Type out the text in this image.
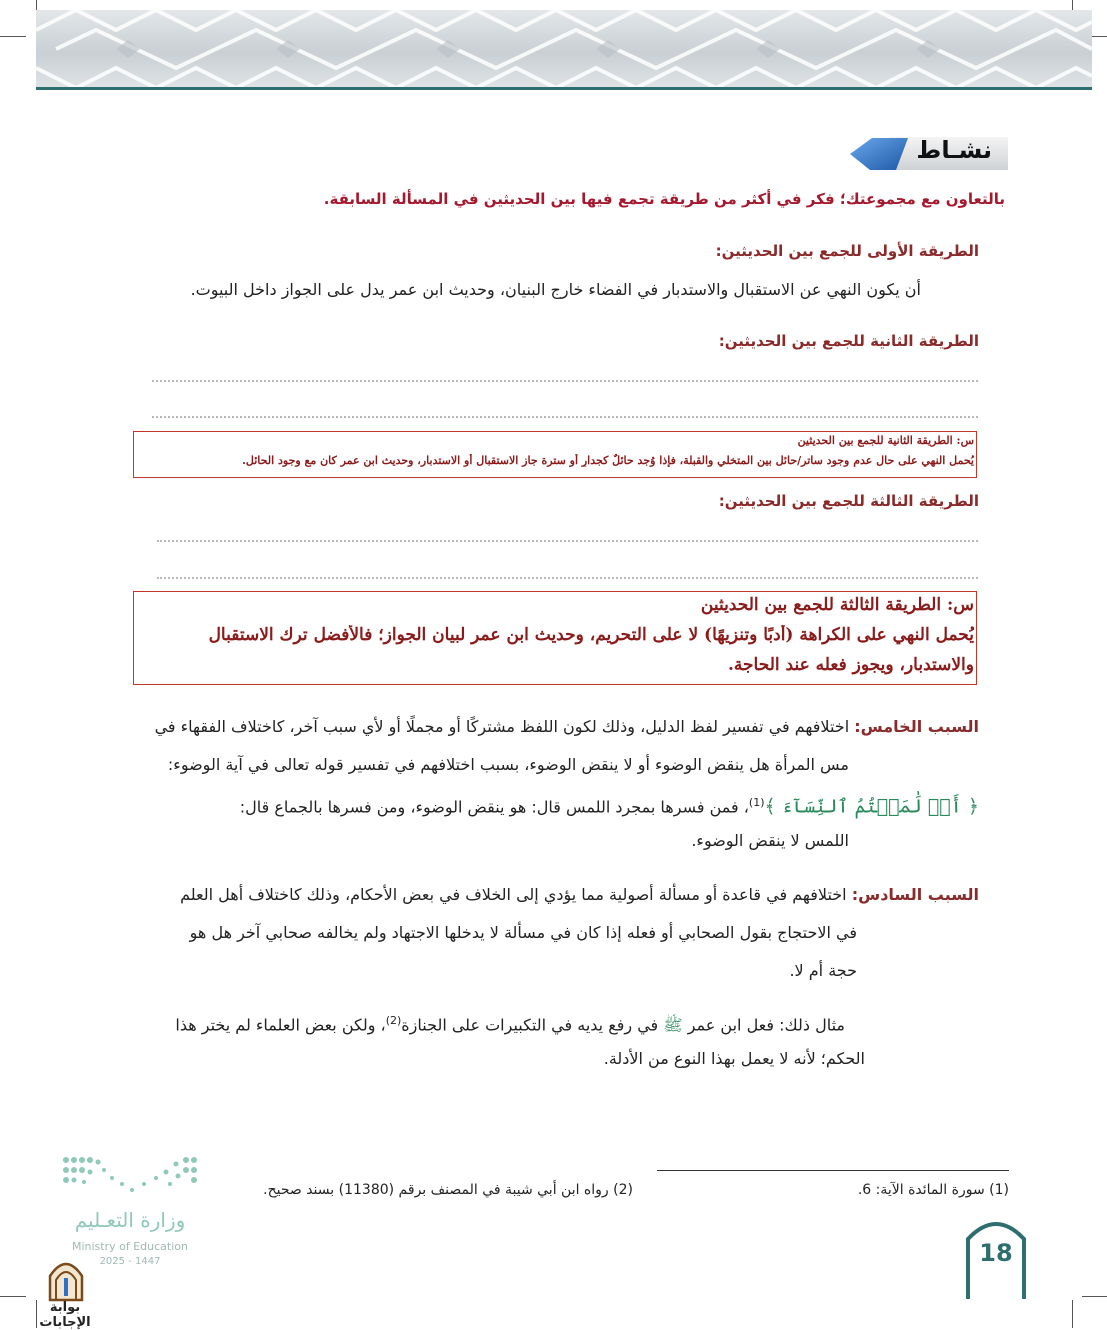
نشـاط
بالتعاون مع مجموعتك؛ فكر في أكثر من طريقة تجمع فيها بين الحديثين في المسألة السابقة.
الطريقة الأولى للجمع بين الحديثين:
أن يكون النهي عن الاستقبال والاستدبار في الفضاء خارج البنيان، وحديث ابن عمر يدل على الجواز داخل البيوت.
الطريقة الثانية للجمع بين الحديثين:
س: الطريقة الثانية للجمع بين الحديثين
يُحمل النهي على حال عدم وجود ساتر/حائل بين المتخلي والقبلة، فإذا وُجد حائلٌ كجدارٍ أو سترة جاز الاستقبال أو الاستدبار، وحديث ابن عمر كان مع وجود الحائل.
الطريقة الثالثة للجمع بين الحديثين:
س: الطريقة الثالثة للجمع بين الحديثين
يُحمل النهي على الكراهة (أدبًا وتنزيهًا) لا على التحريم، وحديث ابن عمر لبيان الجواز؛ فالأفضل ترك الاستقبال
والاستدبار، ويجوز فعله عند الحاجة.
السبب الخامس: اختلافهم في تفسير لفظ الدليل، وذلك لكون اللفظ مشتركًا أو مجملًا أو لأي سبب آخر، كاختلاف الفقهاء في
مس المرأة هل ينقض الوضوء أو لا ينقض الوضوء، بسبب اختلافهم في تفسير قوله تعالى في آية الوضوء:
﴿ أَوۡ لَٰمَسۡتُمُ ٱلنِّسَآءَ ﴾$^{(1)}$، فمن فسرها بمجرد اللمس قال: هو ينقض الوضوء، ومن فسرها بالجماع قال:
اللمس لا ينقض الوضوء.
السبب السادس: اختلافهم في قاعدة أو مسألة أصولية مما يؤدي إلى الخلاف في بعض الأحكام، وذلك كاختلاف أهل العلم
في الاحتجاج بقول الصحابي أو فعله إذا كان في مسألة لا يدخلها الاجتهاد ولم يخالفه صحابي آخر هل هو
حجة أم لا.
مثال ذلك: فعل ابن عمر ﷺ في رفع يديه في التكبيرات على الجنازة$^{(2)}$، ولكن بعض العلماء لم يختر هذا
الحكم؛ لأنه لا يعمل بهذا النوع من الأدلة.
(1) سورة المائدة الآية: 6.
(2) رواه ابن أبي شيبة في المصنف برقم (11380) بسند صحيح.
وزارة التعـليم
Ministry of Education
2025 - 1447
بوابة الإجابات
18
